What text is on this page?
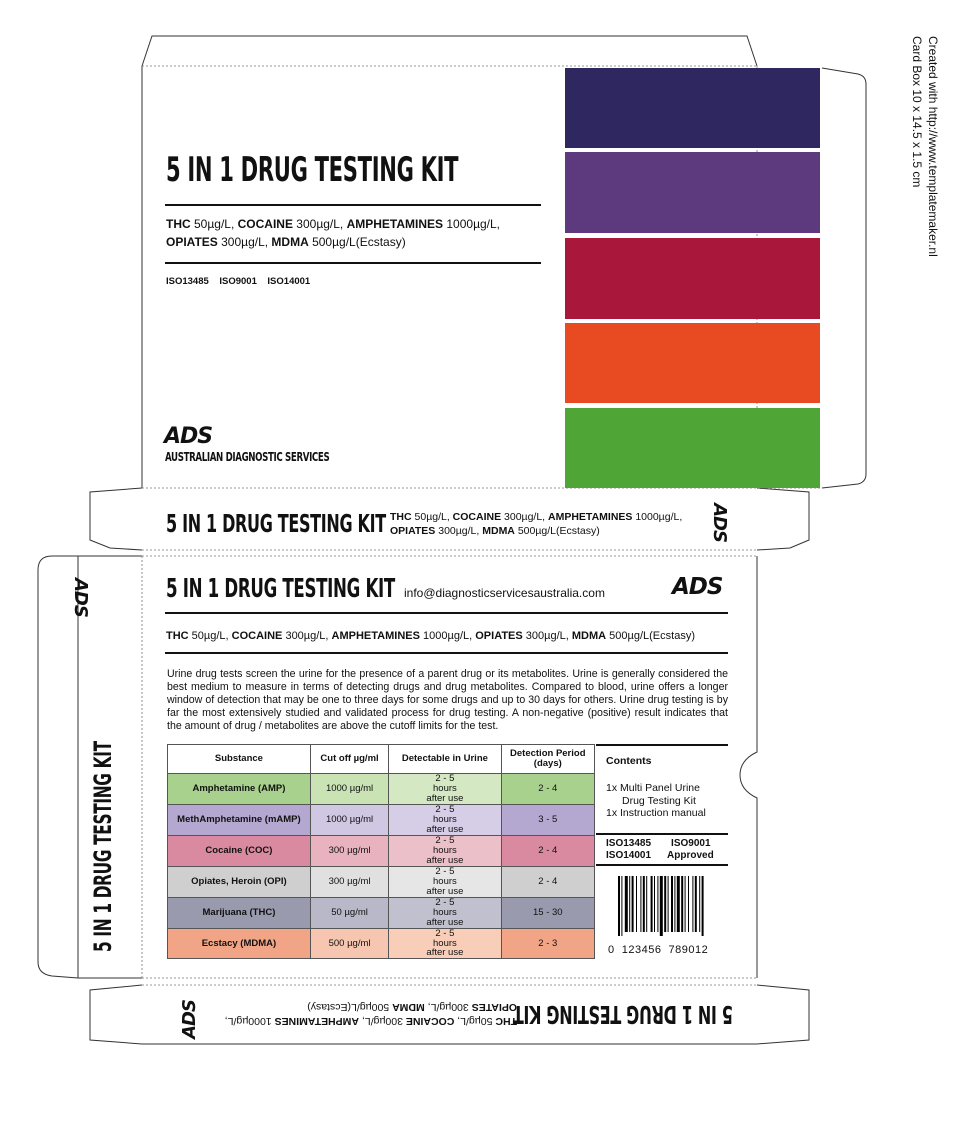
Created with http://www.templatemaker.nl
Card Box 10 x 14.5 x 1.5 cm
5 IN 1 DRUG TESTING KIT
THC 50µg/L, COCAINE 300µg/L, AMPHETAMINES 1000µg/L,
OPIATES 300µg/L, MDMA 500µg/L(Ecstasy)
ISO13485 ISO9001 ISO14001
ADS
AUSTRALIAN DIAGNOSTIC SERVICES
5 IN 1 DRUG TESTING KIT THC 50µg/L, COCAINE 300µg/L, AMPHETAMINES 1000µg/L,
OPIATES 300µg/L, MDMA 500µg/L(Ecstasy)	ADS
ADS
5 IN 1 DRUG TESTING KIT
5 IN 1 DRUG TESTING KIT info@diagnosticservicesaustralia.com	ADS
THC 50µg/L, COCAINE 300µg/L, AMPHETAMINES 1000µg/L, OPIATES 300µg/L, MDMA 500µg/L(Ecstasy)
Urine drug tests screen the urine for the presence of a parent drug or its metabolites. Urine is generally considered the best medium to measure in terms of detecting drugs and drug metabolites. Compared to blood, urine offers a longer window of detection that may be one to three days for some drugs and up to 30 days for others. Urine drug testing is by far the most extensively studied and validated process for drug testing. A non-negative (positive) result indicates that the amount of drug / metabolites are above the cutoff limits for the test.
Substance	Cut off µg/ml	Detectable in Urine	Detection Period (days)
Amphetamine (AMP)	1000 µg/ml	2 - 5 hours after use	2 - 4
MethAmphetamine (mAMP)	1000 µg/ml	2 - 5 hours after use	3 - 5
Cocaine (COC)	300 µg/ml	2 - 5 hours after use	2 - 4
Opiates, Heroin (OPI)	300 µg/ml	2 - 5 hours after use	2 - 4
Marijuana (THC)	50 µg/ml	2 - 5 hours after use	15 - 30
Ecstacy (MDMA)	500 µg/ml	2 - 5 hours after use	2 - 3
Contents
1x Multi Panel Urine
Drug Testing Kit
1x Instruction manual
ISO13485 ISO9001
ISO14001 Approved
0  123456  789012
5 IN 1 DRUG TESTING KIT
THC 50µg/L, COCAINE 300µg/L, AMPHETAMINES 1000µg/L,
OPIATES 300µg/L, MDMA 500µg/L(Ecstasy)
ADS
